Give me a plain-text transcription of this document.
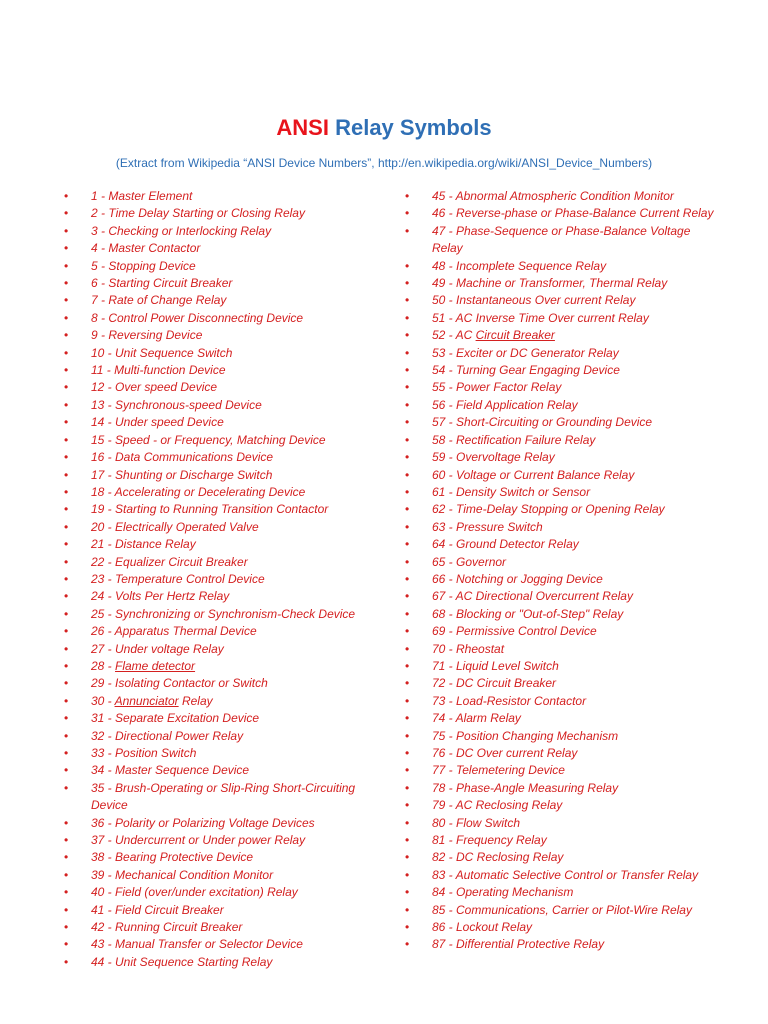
ANSI Relay Symbols

(Extract from Wikipedia “ANSI Device Numbers”, http://en.wikipedia.org/wiki/ANSI_Device_Numbers)

• 1 - Master Element
• 2 - Time Delay Starting or Closing Relay
• 3 - Checking or Interlocking Relay
• 4 - Master Contactor
• 5 - Stopping Device
• 6 - Starting Circuit Breaker
• 7 - Rate of Change Relay
• 8 - Control Power Disconnecting Device
• 9 - Reversing Device
• 10 - Unit Sequence Switch
• 11 - Multi-function Device
• 12 - Over speed Device
• 13 - Synchronous-speed Device
• 14 - Under speed Device
• 15 - Speed - or Frequency, Matching Device
• 16 - Data Communications Device
• 17 - Shunting or Discharge Switch
• 18 - Accelerating or Decelerating Device
• 19 - Starting to Running Transition Contactor
• 20 - Electrically Operated Valve
• 21 - Distance Relay
• 22 - Equalizer Circuit Breaker
• 23 - Temperature Control Device
• 24 - Volts Per Hertz Relay
• 25 - Synchronizing or Synchronism-Check Device
• 26 - Apparatus Thermal Device
• 27 - Under voltage Relay
• 28 - Flame detector
• 29 - Isolating Contactor or Switch
• 30 - Annunciator Relay
• 31 - Separate Excitation Device
• 32 - Directional Power Relay
• 33 - Position Switch
• 34 - Master Sequence Device
• 35 - Brush-Operating or Slip-Ring Short-Circuiting Device
• 36 - Polarity or Polarizing Voltage Devices
• 37 - Undercurrent or Under power Relay
• 38 - Bearing Protective Device
• 39 - Mechanical Condition Monitor
• 40 - Field (over/under excitation) Relay
• 41 - Field Circuit Breaker
• 42 - Running Circuit Breaker
• 43 - Manual Transfer or Selector Device
• 44 - Unit Sequence Starting Relay
• 45 - Abnormal Atmospheric Condition Monitor
• 46 - Reverse-phase or Phase-Balance Current Relay
• 47 - Phase-Sequence or Phase-Balance Voltage Relay
• 48 - Incomplete Sequence Relay
• 49 - Machine or Transformer, Thermal Relay
• 50 - Instantaneous Over current Relay
• 51 - AC Inverse Time Over current Relay
• 52 - AC Circuit Breaker
• 53 - Exciter or DC Generator Relay
• 54 - Turning Gear Engaging Device
• 55 - Power Factor Relay
• 56 - Field Application Relay
• 57 - Short-Circuiting or Grounding Device
• 58 - Rectification Failure Relay
• 59 - Overvoltage Relay
• 60 - Voltage or Current Balance Relay
• 61 - Density Switch or Sensor
• 62 - Time-Delay Stopping or Opening Relay
• 63 - Pressure Switch
• 64 - Ground Detector Relay
• 65 - Governor
• 66 - Notching or Jogging Device
• 67 - AC Directional Overcurrent Relay
• 68 - Blocking or "Out-of-Step" Relay
• 69 - Permissive Control Device
• 70 - Rheostat
• 71 - Liquid Level Switch
• 72 - DC Circuit Breaker
• 73 - Load-Resistor Contactor
• 74 - Alarm Relay
• 75 - Position Changing Mechanism
• 76 - DC Over current Relay
• 77 - Telemetering Device
• 78 - Phase-Angle Measuring Relay
• 79 - AC Reclosing Relay
• 80 - Flow Switch
• 81 - Frequency Relay
• 82 - DC Reclosing Relay
• 83 - Automatic Selective Control or Transfer Relay
• 84 - Operating Mechanism
• 85 - Communications, Carrier or Pilot-Wire Relay
• 86 - Lockout Relay
• 87 - Differential Protective Relay
